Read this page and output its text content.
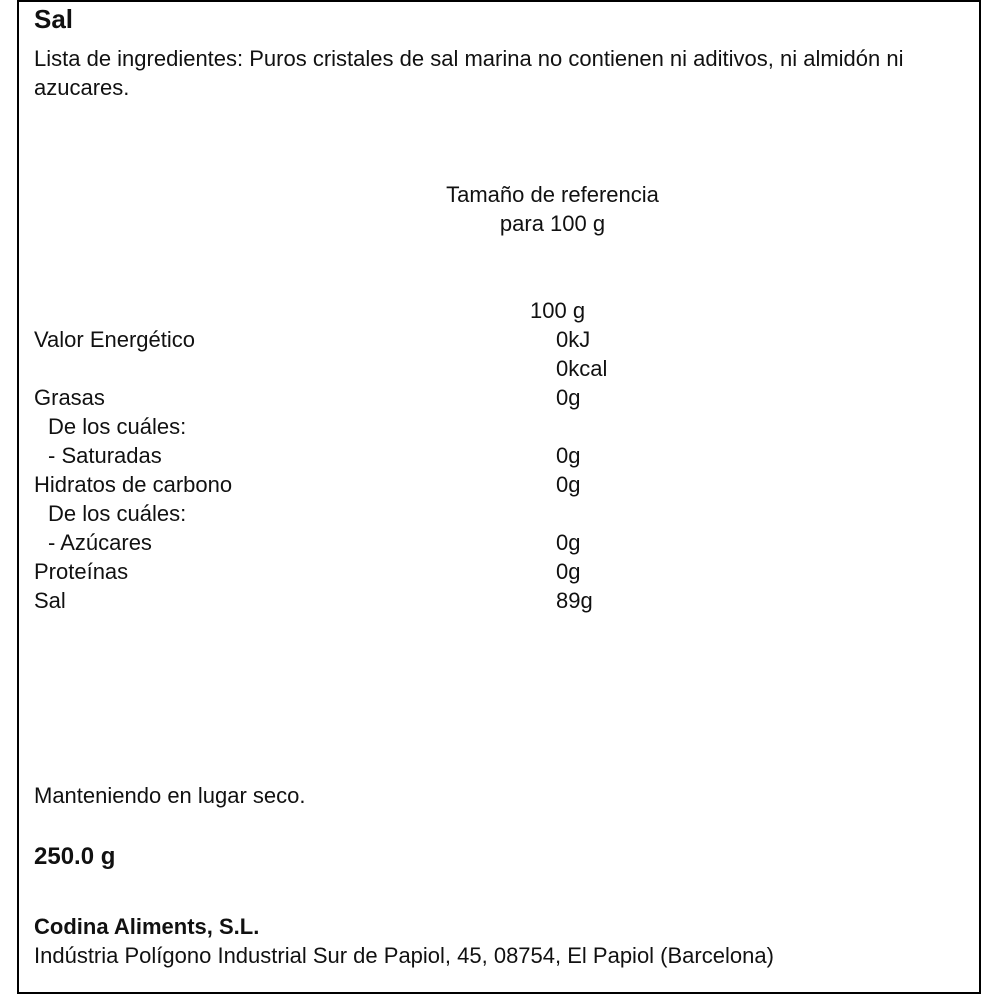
Sal
Lista de ingredientes: Puros cristales de sal marina no contienen ni aditivos, ni almidón ni azucares.
Tamaño de referencia
para 100 g
100 g
Valor Energético	0kJ
	0kcal
Grasas	0g
De los cuáles:	
- Saturadas	0g
Hidratos de carbono	0g
De los cuáles:	
- Azúcares	0g
Proteínas	0g
Sal	89g
Manteniendo en lugar seco.
250.0 g
Codina Aliments, S.L.
Indústria Polígono Industrial Sur de Papiol, 45, 08754, El Papiol (Barcelona)
